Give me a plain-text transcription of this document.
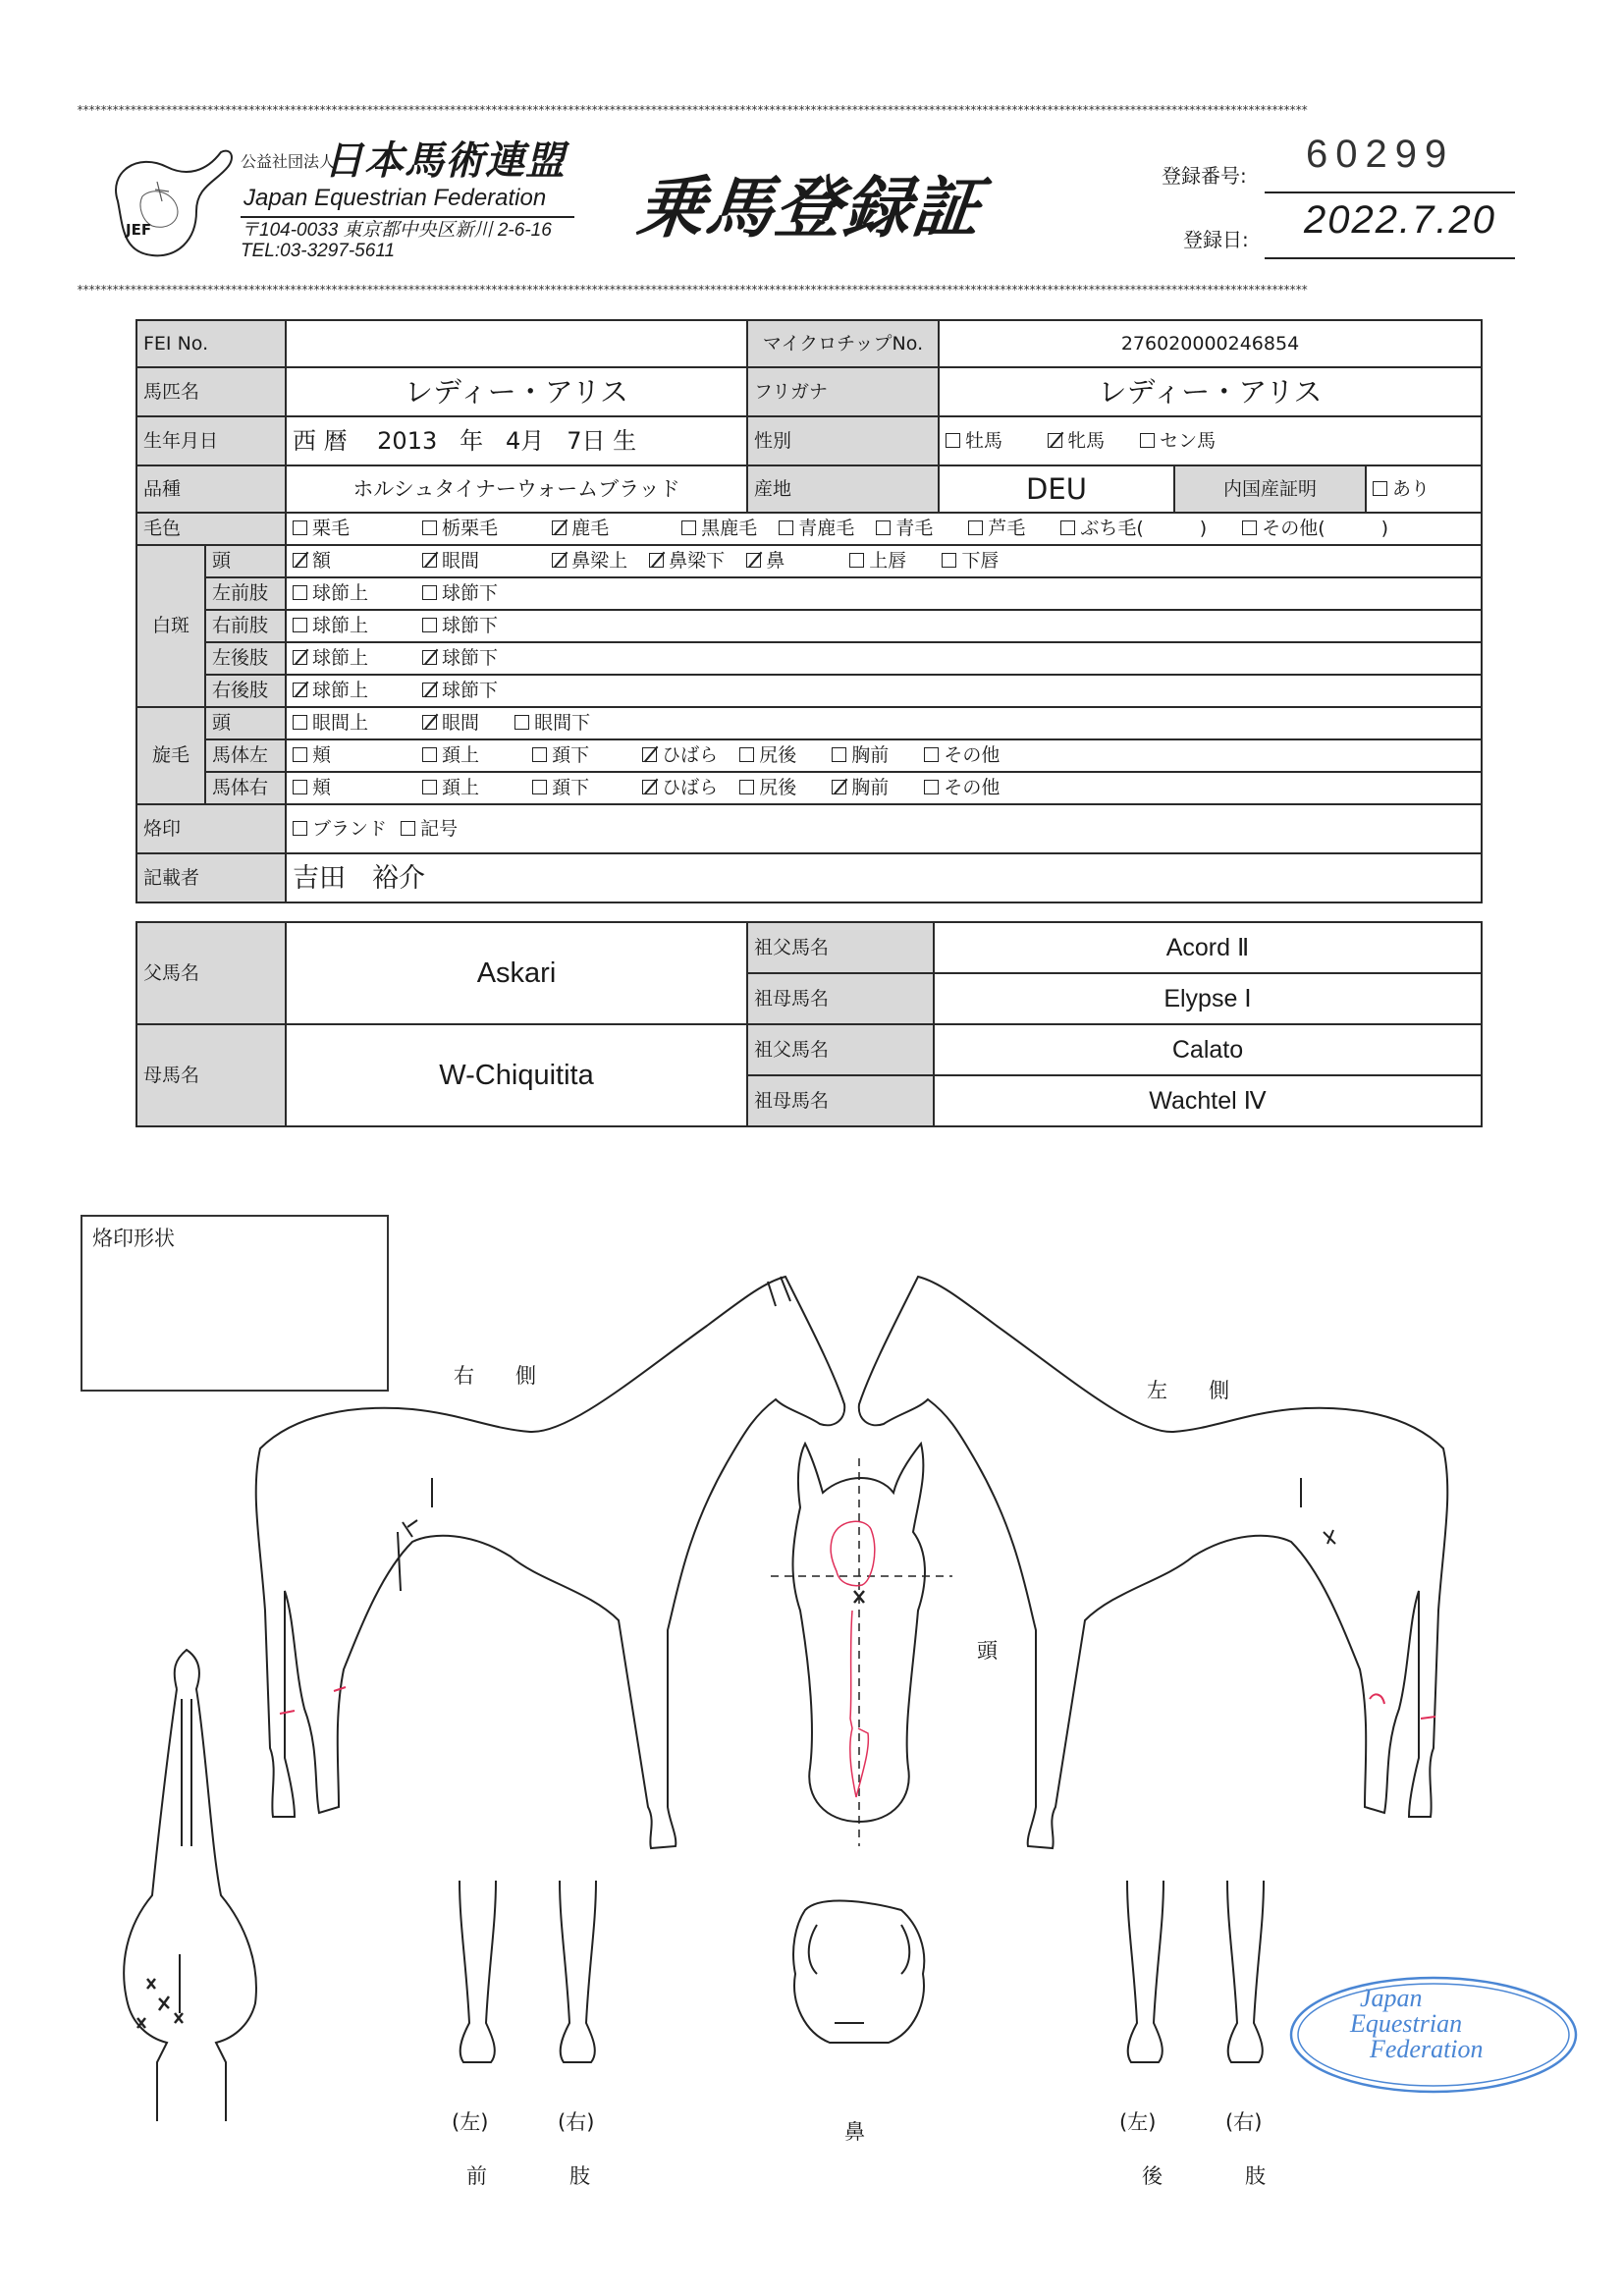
****************************************************************************************************************************************************************************************************************
****************************************************************************************************************************************************************************************************************
JEF
公益社団法人
日本馬術連盟
Japan Equestrian Federation
〒104-0033 東京都中央区新川 2-6-16
TEL:03-3297-5611
乗馬登録証	登録番号: 60299
登録日: 2022.7.20
FEI No.			マイクロチップNo.	276020000246854		
馬匹名		レディー・アリス	フリガナ	レディー・アリス		
生年月日		西 暦 2013 年 4月 7日 生	性別	牡馬 牝馬 セン馬		
品種		ホルシュタイナーウォームブラッド	産地	DEU	内国産証明	あり
毛色		栗毛 栃栗毛 鹿毛 黒鹿毛 青鹿毛 青毛 芦毛 ぶち毛(　　　) その他(　　　)				
白斑	頭	額 眼間 鼻梁上 鼻梁下 鼻 上唇 下唇				
	左前肢	球節上 球節下				
	右前肢	球節上 球節下				
	左後肢	球節上 球節下				
	右後肢	球節上 球節下				
旋毛	頭	眼間上 眼間 眼間下				
	馬体左	頬 頚上 頚下 ひばら 尻後 胸前 その他				
	馬体右	頬 頚上 頚下 ひばら 尻後 胸前 その他				
烙印		ブランド 記号				
記載者		吉田　裕介				
父馬名	Askari	祖父馬名	Acord Ⅱ
		祖母馬名	Elypse Ⅰ
母馬名	W-Chiquitita	祖父馬名	Calato
		祖母馬名	Wachtel Ⅳ
烙印形状
右　　側
左　　側
頭
(左)	(右)
前	肢
鼻	(左)	(右)
後	肢
Japan
Equestrian
Federation
